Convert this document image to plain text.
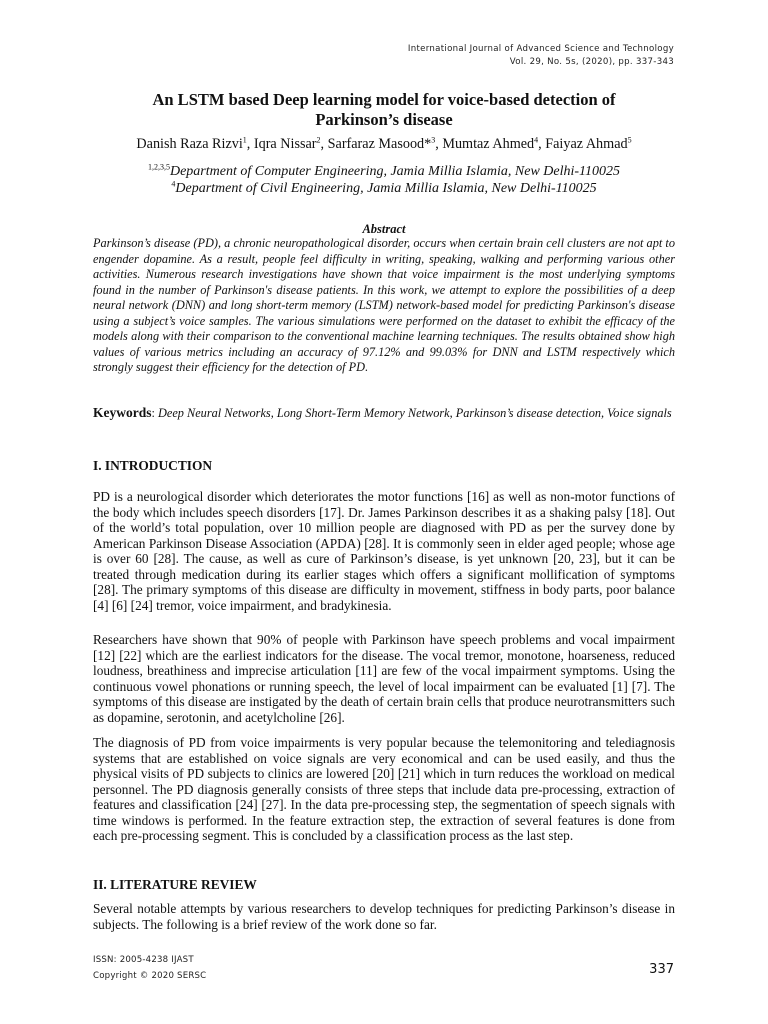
International Journal of Advanced Science and Technology
Vol. 29, No. 5s, (2020), pp. 337-343
An LSTM based Deep learning model for voice-based detection of
Parkinson’s disease
Danish Raza Rizvi$^1$, Iqra Nissar$^2$, Sarfaraz Masood*$^3$, Mumtaz Ahmed$^4$, Faiyaz Ahmad$^5$
$^{1,2,3,5}$Department of Computer Engineering, Jamia Millia Islamia, New Delhi-110025
$^4$Department of Civil Engineering, Jamia Millia Islamia, New Delhi-110025
Abstract
Parkinson’s disease (PD), a chronic neuropathological disorder, occurs when certain brain cell clusters are not apt to engender dopamine. As a result, people feel difficulty in writing, speaking, walking and performing various other activities. Numerous research investigations have shown that voice impairment is the most underlying symptoms found in the number of Parkinson's disease patients. In this work, we attempt to explore the possibilities of a deep neural network (DNN) and long short-term memory (LSTM) network-based model for predicting Parkinson's disease using a subject’s voice samples. The various simulations were performed on the dataset to exhibit the efficacy of the models along with their comparison to the conventional machine learning techniques. The results obtained show high values of various metrics including an accuracy of 97.12% and 99.03% for DNN and LSTM respectively which strongly suggest their efficiency for the detection of PD.
Keywords: Deep Neural Networks, Long Short-Term Memory Network, Parkinson’s disease detection, Voice signals
I. INTRODUCTION
PD is a neurological disorder which deteriorates the motor functions [16] as well as non-motor functions of the body which includes speech disorders [17]. Dr. James Parkinson describes it as a shaking palsy [18]. Out of the world’s total population, over 10 million people are diagnosed with PD as per the survey done by American Parkinson Disease Association (APDA) [28]. It is commonly seen in elder aged people; whose age is over 60 [28]. The cause, as well as cure of Parkinson’s disease, is yet unknown [20, 23], but it can be treated through medication during its earlier stages which offers a significant mollification of symptoms [28]. The primary symptoms of this disease are difficulty in movement, stiffness in body parts, poor balance [4] [6] [24] tremor, voice impairment, and bradykinesia.
Researchers have shown that 90% of people with Parkinson have speech problems and vocal impairment [12] [22] which are the earliest indicators for the disease. The vocal tremor, monotone, hoarseness, reduced loudness, breathiness and imprecise articulation [11] are few of the vocal impairment symptoms. Using the continuous vowel phonations or running speech, the level of local impairment can be evaluated [1] [7]. The symptoms of this disease are instigated by the death of certain brain cells that produce neurotransmitters such as dopamine, serotonin, and acetylcholine [26].
The diagnosis of PD from voice impairments is very popular because the telemonitoring and telediagnosis systems that are established on voice signals are very economical and can be used easily, and thus the physical visits of PD subjects to clinics are lowered [20] [21] which in turn reduces the workload on medical personnel. The PD diagnosis generally consists of three steps that include data pre-processing, extraction of features and classification [24] [27]. In the data pre-processing step, the segmentation of speech signals with time windows is performed. In the feature extraction step, the extraction of several features is done from each pre-processing segment. This is concluded by a classification process as the last step.
II. LITERATURE REVIEW
Several notable attempts by various researchers to develop techniques for predicting Parkinson’s disease in subjects. The following is a brief review of the work done so far.
ISSN: 2005-4238 IJAST
Copyright © 2020 SERSC	337
